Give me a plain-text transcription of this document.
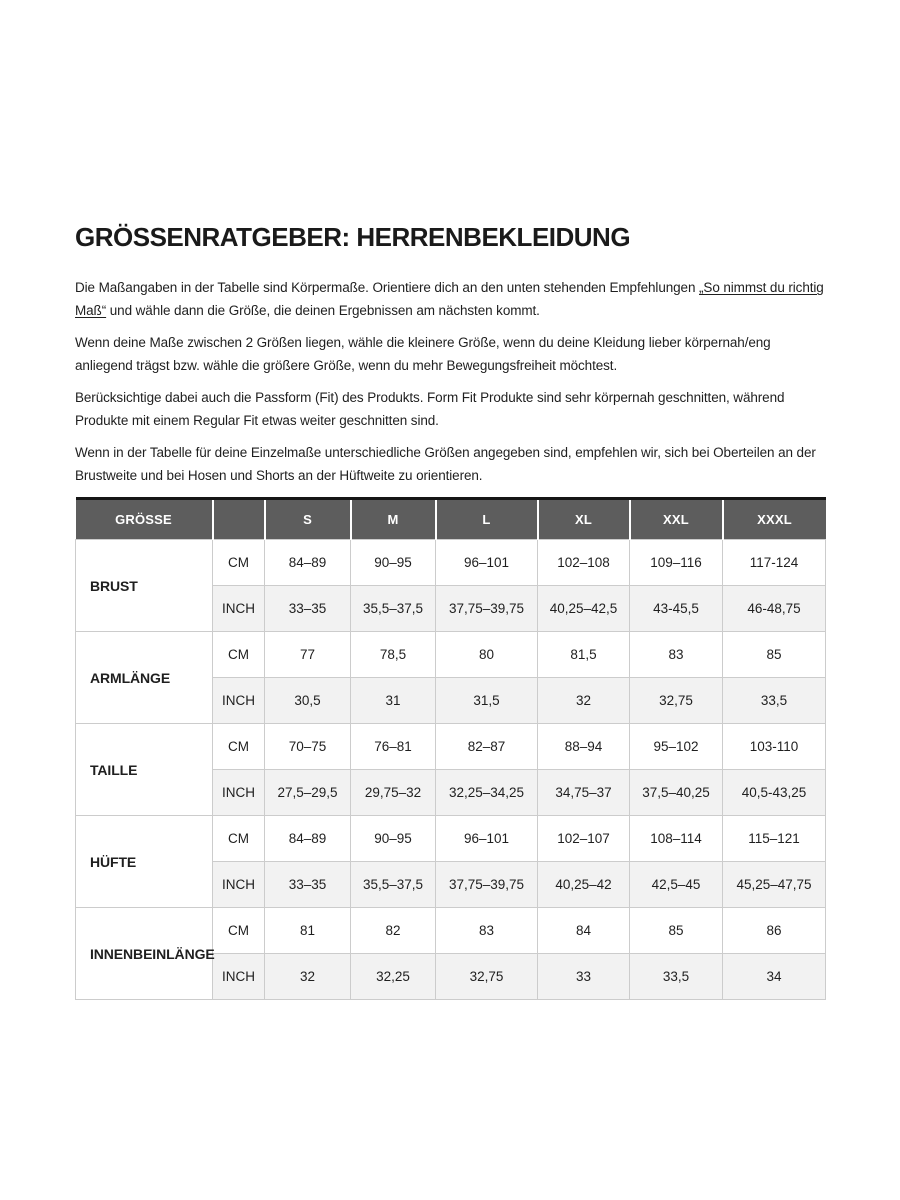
GRÖSSENRATGEBER: HERRENBEKLEIDUNG

Die Maßangaben in der Tabelle sind Körpermaße. Orientiere dich an den unten stehenden Empfehlungen „So nimmst du richtig Maß“ und wähle dann die Größe, die deinen Ergebnissen am nächsten kommt.

Wenn deine Maße zwischen 2 Größen liegen, wähle die kleinere Größe, wenn du deine Kleidung lieber körpernah/eng anliegend trägst bzw. wähle die größere Größe, wenn du mehr Bewegungsfreiheit möchtest.

Berücksichtige dabei auch die Passform (Fit) des Produkts. Form Fit Produkte sind sehr körpernah geschnitten, während Produkte mit einem Regular Fit etwas weiter geschnitten sind.

Wenn in der Tabelle für deine Einzelmaße unterschiedliche Größen angegeben sind, empfehlen wir, sich bei Oberteilen an der Brustweite und bei Hosen und Shorts an der Hüftweite zu orientieren.

GRÖSSE		S	M	L	XL	XXL	XXXL
BRUST	CM	84–89	90–95	96–101	102–108	109–116	117-124
	INCH	33–35	35,5–37,5	37,75–39,75	40,25–42,5	43-45,5	46-48,75
ARMLÄNGE	CM	77	78,5	80	81,5	83	85
	INCH	30,5	31	31,5	32	32,75	33,5
TAILLE	CM	70–75	76–81	82–87	88–94	95–102	103-110
	INCH	27,5–29,5	29,75–32	32,25–34,25	34,75–37	37,5–40,25	40,5-43,25
HÜFTE	CM	84–89	90–95	96–101	102–107	108–114	115–121
	INCH	33–35	35,5–37,5	37,75–39,75	40,25–42	42,5–45	45,25–47,75
INNENBEINLÄNGE	CM	81	82	83	84	85	86
	INCH	32	32,25	32,75	33	33,5	34
